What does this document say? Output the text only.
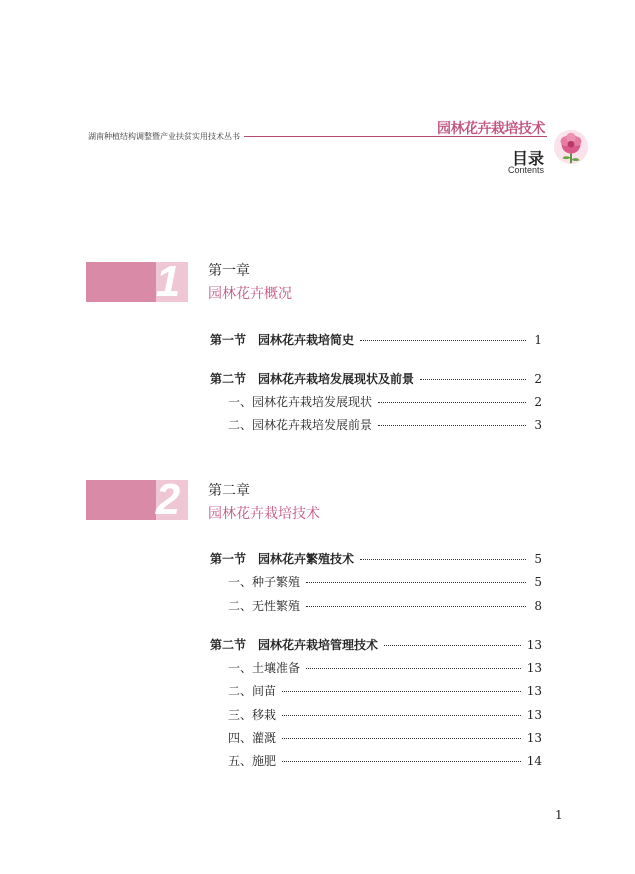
湖南种植结构调整暨产业扶贫实用技术丛书	园林花卉栽培技术
目录
Contents
1	第一章
园林花卉概况
第一节　园林花卉栽培简史	1
第二节　园林花卉栽培发展现状及前景	2
一、园林花卉栽培发展现状	2
二、园林花卉栽培发展前景	3
2	第二章
园林花卉栽培技术
第一节　园林花卉繁殖技术	5
一、种子繁殖	5
二、无性繁殖	8
第二节　园林花卉栽培管理技术	13
一、土壤准备	13
二、间苗	13
三、移栽	13
四、灌溉	13
五、施肥	14
1
